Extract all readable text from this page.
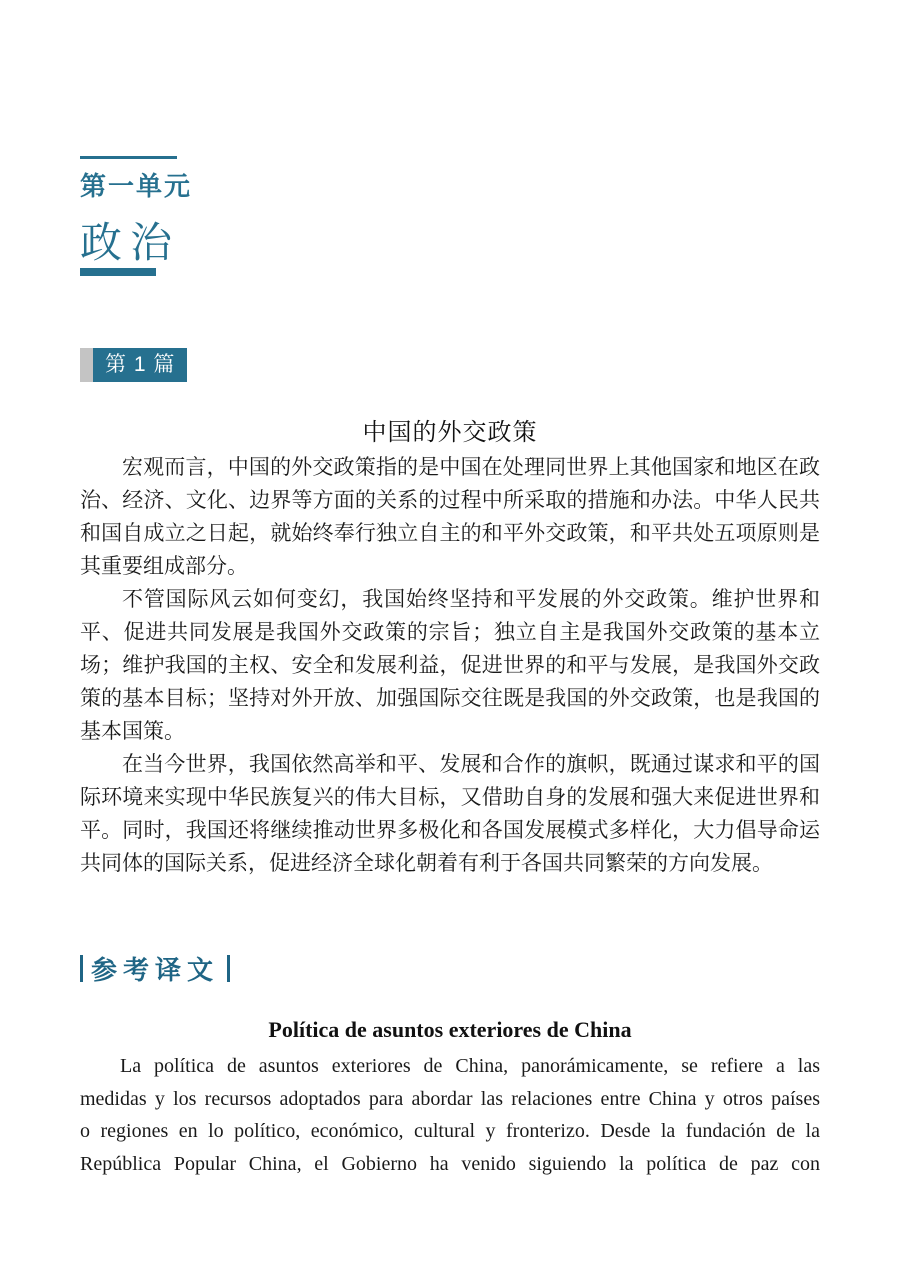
第一单元
政治
第 1 篇
中国的外交政策

宏观而言，中国的外交政策指的是中国在处理同世界上其他国家和地区在政治、经济、文化、边界等方面的关系的过程中所采取的措施和办法。中华人民共和国自成立之日起，就始终奉行独立自主的和平外交政策，和平共处五项原则是其重要组成部分。

不管国际风云如何变幻，我国始终坚持和平发展的外交政策。维护世界和平、促进共同发展是我国外交政策的宗旨；独立自主是我国外交政策的基本立场；维护我国的主权、安全和发展利益，促进世界的和平与发展，是我国外交政策的基本目标；坚持对外开放、加强国际交往既是我国的外交政策，也是我国的基本国策。

在当今世界，我国依然高举和平、发展和合作的旗帜，既通过谋求和平的国际环境来实现中华民族复兴的伟大目标，又借助自身的发展和强大来促进世界和平。同时，我国还将继续推动世界多极化和各国发展模式多样化，大力倡导命运共同体的国际关系，促进经济全球化朝着有利于各国共同繁荣的方向发展。

参考译文
Política de asuntos exteriores de China

La política de asuntos exteriores de China, panorámicamente, se refiere a las medidas y los recursos adoptados para abordar las relaciones entre China y otros países o regiones en lo político, económico, cultural y fronterizo. Desde la fundación de la República Popular China, el Gobierno ha venido siguiendo la política de paz con
